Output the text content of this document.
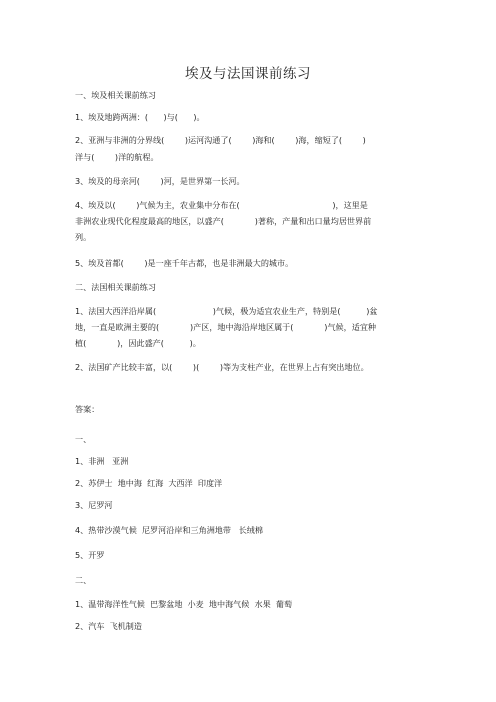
埃及与法国课前练习
一、埃及相关课前练习
1、埃及地跨两洲：(      )与(      )。
2、亚洲与非洲的分界线(        )运河沟通了(        )海和(        )海，缩短了(        )
洋与(        )洋的航程。
3、埃及的母亲河(        )河，是世界第一长河。
4、埃及以(        )气候为主，农业集中分布在(                                    )，这里是
非洲农业现代化程度最高的地区，以盛产(            )著称，产量和出口量均居世界前
列。
5、埃及首都(        )是一座千年古都，也是非洲最大的城市。
二、法国相关课前练习
1、法国大西洋沿岸属(                      )气候，极为适宜农业生产，特别是(          )盆
地，一直是欧洲主要的(            )产区，地中海沿岸地区属于(            )气候，适宜种
植(            )，因此盛产(          )。
2、法国矿产比较丰富，以(        )(        )等为支柱产业，在世界上占有突出地位。
答案：
一、
1、非洲   亚洲
2、苏伊士  地中海  红海  大西洋  印度洋
3、尼罗河
4、热带沙漠气候  尼罗河沿岸和三角洲地带   长绒棉
5、开罗
二、
1、温带海洋性气候  巴黎盆地  小麦  地中海气候  水果  葡萄
2、汽车  飞机制造
